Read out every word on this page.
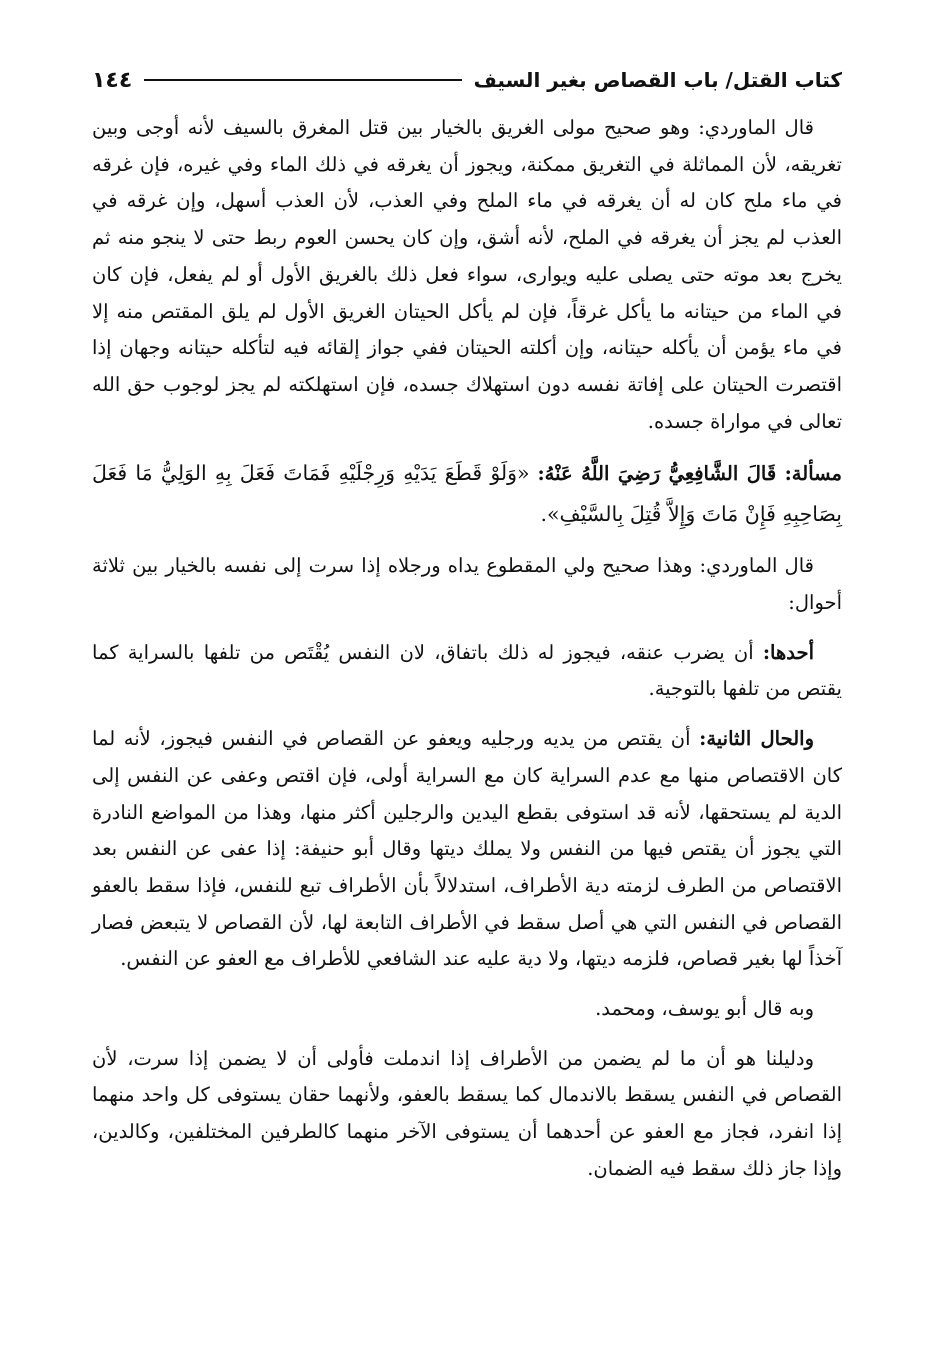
١٤٤	كتاب القتل/ باب القصاص بغير السيف

قال الماوردي: وهو صحيح مولى الغريق بالخيار بين قتل المغرق بالسيف لأنه أوجى وبين تغريقه، لأن المماثلة في التغريق ممكنة، ويجوز أن يغرقه في ذلك الماء وفي غيره، فإن غرقه في ماء ملح كان له أن يغرقه في ماء الملح وفي العذب، لأن العذب أسهل، وإن غرقه في العذب لم يجز أن يغرقه في الملح، لأنه أشق، وإن كان يحسن العوم ربط حتى لا ينجو منه ثم يخرج بعد موته حتى يصلى عليه ويوارى، سواء فعل ذلك بالغريق الأول أو لم يفعل، فإن كان في الماء من حيتانه ما يأكل غرقاً، فإن لم يأكل الحيتان الغريق الأول لم يلق المقتص منه إلا في ماء يؤمن أن يأكله حيتانه، وإن أكلته الحيتان ففي جواز إلقائه فيه لتأكله حيتانه وجهان إذا اقتصرت الحيتان على إفاتة نفسه دون استهلاك جسده، فإن استهلكته لم يجز لوجوب حق الله تعالى في مواراة جسده.

مسألة: قَالَ الشَّافِعِيُّ رَضِيَ اللَّهُ عَنْهُ: «وَلَوْ قَطَعَ يَدَيْهِ وَرِجْلَيْهِ فَمَاتَ فَعَلَ بِهِ الوَلِيُّ مَا فَعَلَ بِصَاحِبِهِ فَإِنْ مَاتَ وَإِلاَّ قُتِلَ بِالسَّيْفِ».

قال الماوردي: وهذا صحيح ولي المقطوع يداه ورجلاه إذا سرت إلى نفسه بالخيار بين ثلاثة أحوال:

أحدها: أن يضرب عنقه، فيجوز له ذلك باتفاق، لان النفس يُقْتَص من تلفها بالسراية كما يقتص من تلفها بالتوجية.

والحال الثانية: أن يقتص من يديه ورجليه ويعفو عن القصاص في النفس فيجوز، لأنه لما كان الاقتصاص منها مع عدم السراية كان مع السراية أولى، فإن اقتص وعفى عن النفس إلى الدية لم يستحقها، لأنه قد استوفى بقطع اليدين والرجلين أكثر منها، وهذا من المواضع النادرة التي يجوز أن يقتص فيها من النفس ولا يملك ديتها وقال أبو حنيفة: إذا عفى عن النفس بعد الاقتصاص من الطرف لزمته دية الأطراف، استدلالاً بأن الأطراف تبع للنفس، فإذا سقط بالعفو القصاص في النفس التي هي أصل سقط في الأطراف التابعة لها، لأن القصاص لا يتبعض فصار آخذاً لها بغير قصاص، فلزمه ديتها، ولا دية عليه عند الشافعي للأطراف مع العفو عن النفس.

وبه قال أبو يوسف، ومحمد.

ودليلنا هو أن ما لم يضمن من الأطراف إذا اندملت فأولى أن لا يضمن إذا سرت، لأن القصاص في النفس يسقط بالاندمال كما يسقط بالعفو، ولأنهما حقان يستوفى كل واحد منهما إذا انفرد، فجاز مع العفو عن أحدهما أن يستوفى الآخر منهما كالطرفين المختلفين، وكالدين، وإذا جاز ذلك سقط فيه الضمان.
